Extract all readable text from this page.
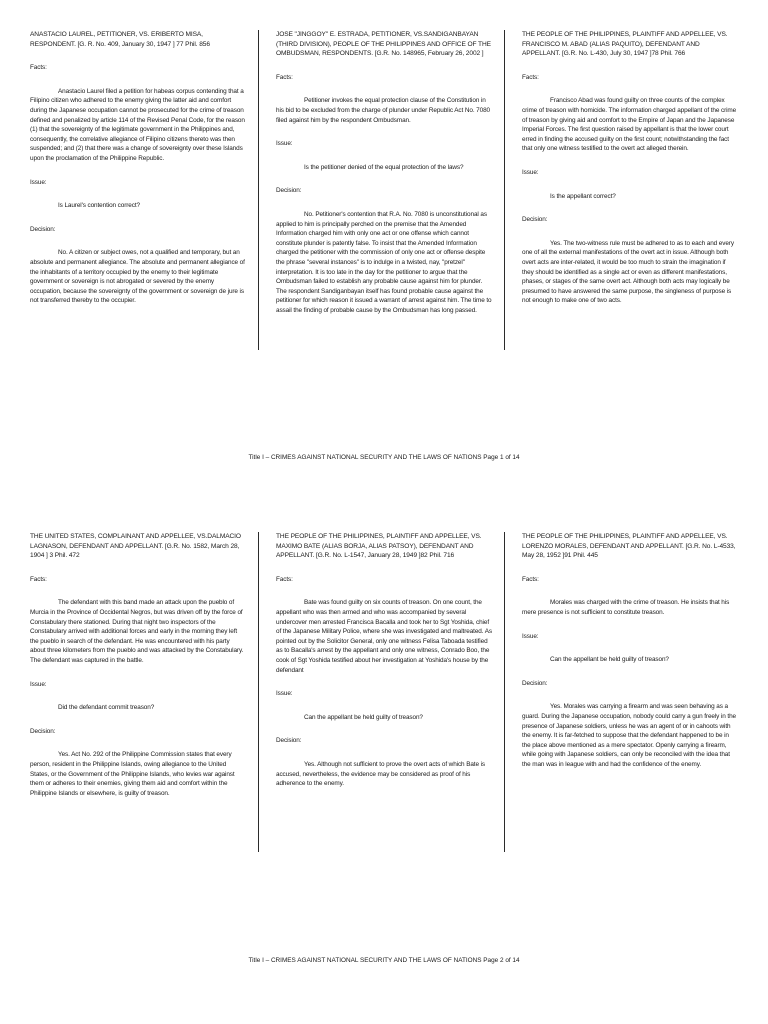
ANASTACIO LAUREL, PETITIONER, VS. ERIBERTO MISA, RESPONDENT. [G. R. No. 409, January 30, 1947 ] 77 Phil. 856

Facts:

Anastacio Laurel filed a petition for habeas corpus contending that a Filipino citizen who adhered to the enemy giving the latter aid and comfort during the Japanese occupation cannot be prosecuted for the crime of treason defined and penalized by article 114 of the Revised Penal Code, for the reason (1) that the sovereignty of the legitimate government in the Philippines and, consequently, the correlative allegiance of Filipino citizens thereto was then suspended; and (2) that there was a change of sovereignty over these Islands upon the proclamation of the Philippine Republic.

Issue:

Is Laurel's contention correct?

Decision:

No. A citizen or subject owes, not a qualified and temporary, but an absolute and permanent allegiance. The absolute and permanent allegiance of the inhabitants of a territory occupied by the enemy to their legitimate government or sovereign is not abrogated or severed by the enemy occupation, because the sovereignty of the government or sovereign de jure is not transferred thereby to the occupier.

JOSE "JINGGOY" E. ESTRADA, PETITIONER, VS.SANDIGANBAYAN (THIRD DIVISION), PEOPLE OF THE PHILIPPINES AND OFFICE OF THE OMBUDSMAN, RESPONDENTS. [G.R. No. 148965, February 26, 2002 ]

Facts:

Petitioner invokes the equal protection clause of the Constitution in his bid to be excluded from the charge of plunder under Republic Act No. 7080 filed against him by the respondent Ombudsman.

Issue:

Is the petitioner denied of the equal protection of the laws?

Decision:

No. Petitioner's contention that R.A. No. 7080 is unconstitutional as applied to him is principally perched on the premise that the Amended Information charged him with only one act or one offense which cannot constitute plunder is patently false. To insist that the Amended Information charged the petitioner with the commission of only one act or offense despite the phrase "several instances" is to indulge in a twisted, nay, "pretzel" interpretation. It is too late in the day for the petitioner to argue that the Ombudsman failed to establish any probable cause against him for plunder. The respondent Sandiganbayan itself has found probable cause against the petitioner for which reason it issued a warrant of arrest against him. The time to assail the finding of probable cause by the Ombudsman has long passed.

THE PEOPLE OF THE PHILIPPINES, PLAINTIFF AND APPELLEE, VS. FRANCISCO M. ABAD (ALIAS PAQUITO), DEFENDANT AND APPELLANT. [G.R. No. L-430, July 30, 1947 ]78 Phil. 766

Facts:

Francisco Abad was found guilty on three counts of the complex crime of treason with homicide. The information charged appellant of the crime of treason by giving aid and comfort to the Empire of Japan and the Japanese Imperial Forces. The first question raised by appellant is that the lower court erred in finding the accused guilty on the first count; notwithstanding the fact that only one witness testified to the overt act alleged therein.

Issue:

Is the appellant correct?

Decision:

Yes. The two-witness rule must be adhered to as to each and every one of all the external manifestations of the overt act in issue. Although both overt acts are inter-related, it would be too much to strain the imagination if they should be identified as a single act or even as different manifestations, phases, or stages of the same overt act. Although both acts may logically be presumed to have answered the same purpose, the singleness of purpose is not enough to make one of two acts.

Title I – CRIMES AGAINST NATIONAL SECURITY AND THE LAWS OF NATIONS Page 1 of 14

THE UNITED STATES, COMPLAINANT AND APPELLEE, VS.DALMACIO LAGNASON, DEFENDANT AND APPELLANT. [G.R. No. 1582, March 28, 1904 ] 3 Phil. 472

Facts:

The defendant with this band made an attack upon the pueblo of Murcia in the Province of Occidental Negros, but was driven off by the force of Constabulary there stationed. During that night two inspectors of the Constabulary arrived with additional forces and early in the morning they left the pueblo in search of the defendant. He was encountered with his party about three kilometers from the pueblo and was attacked by the Constabulary. The defendant was captured in the battle.

Issue:

Did the defendant commit treason?

Decision:

Yes. Act No. 292 of the Philippine Commission states that every person, resident in the Philippine Islands, owing allegiance to the United States, or the Government of the Philippine Islands, who levies war against them or adheres to their enemies, giving them aid and comfort within the Philippine Islands or elsewhere, is guilty of treason.

THE PEOPLE OF THE PHILIPPINES, PLAINTIFF AND APPELLEE, VS. MAXIMO BATE (ALIAS BORJA, ALIAS PATSOY), DEFENDANT AND APPELLANT. [G.R. No. L-1547, January 28, 1949 ]82 Phil. 716

Facts:

Bate was found guilty on six counts of treason. On one count, the appellant who was then armed and who was accompanied by several undercover men arrested Francisca Bacalla and took her to Sgt Yoshida, chief of the Japanese Military Police, where she was investigated and maltreated. As pointed out by the Solicitor General, only one witness Felisa Taboada testified as to Bacalla's arrest by the appellant and only one witness, Conrado Boo, the cook of Sgt Yoshida testified about her investigation at Yoshida's house by the defendant

Issue:

Can the appellant be held guilty of treason?

Decision:

Yes. Although not sufficient to prove the overt acts of which Bate is accused, nevertheless, the evidence may be considered as proof of his adherence to the enemy.

THE PEOPLE OF THE PHILIPPINES, PLAINTIFF AND APPELLEE, VS. LORENZO MORALES, DEFENDANT AND APPELLANT. [G.R. No. L-4533, May 28, 1952 ]91 Phil. 445

Facts:

Morales was charged with the crime of treason. He insists that his mere presence is not sufficient to constitute treason.

Issue:

Can the appellant be held guilty of treason?

Decision:

Yes. Morales was carrying a firearm and was seen behaving as a guard. During the Japanese occupation, nobody could carry a gun freely in the presence of Japanese soldiers, unless he was an agent of or in cahoots with the enemy. It is far-fetched to suppose that the defendant happened to be in the place above mentioned as a mere spectator. Openly carrying a firearm, while going with Japanese soldiers, can only be reconciled with the idea that the man was in league with and had the confidence of the enemy.

Title I – CRIMES AGAINST NATIONAL SECURITY AND THE LAWS OF NATIONS Page 2 of 14
